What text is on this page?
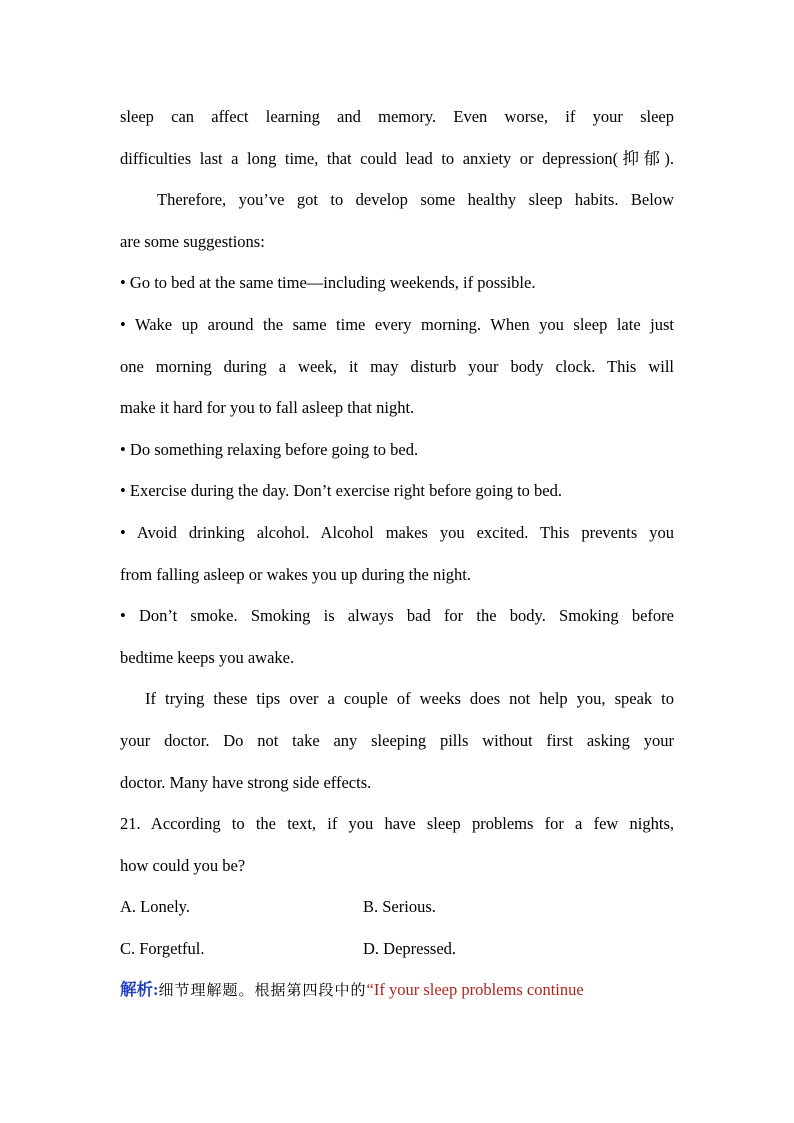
sleep can affect learning and memory. Even worse, if your sleep
difficulties last a long time, that could lead to anxiety or depression(抑郁).
Therefore, you’ve got to develop some healthy sleep habits. Below
are some suggestions:
• Go to bed at the same time—including weekends, if possible.
• Wake up around the same time every morning. When you sleep late just
one morning during a week, it may disturb your body clock. This will
make it hard for you to fall asleep that night.
• Do something relaxing before going to bed.
• Exercise during the day. Don’t exercise right before going to bed.
• Avoid drinking alcohol. Alcohol makes you excited. This prevents you
from falling asleep or wakes you up during the night.
• Don’t smoke. Smoking is always bad for the body. Smoking before
bedtime keeps you awake.
If trying these tips over a couple of weeks does not help you, speak to
your doctor. Do not take any sleeping pills without first asking your
doctor. Many have strong side effects.
21. According to the text, if you have sleep problems for a few nights,
how could you be?
A. Lonely.	B. Serious.
C. Forgetful.	D. Depressed.
解析:细节理解题。根据第四段中的“If your sleep problems continue
